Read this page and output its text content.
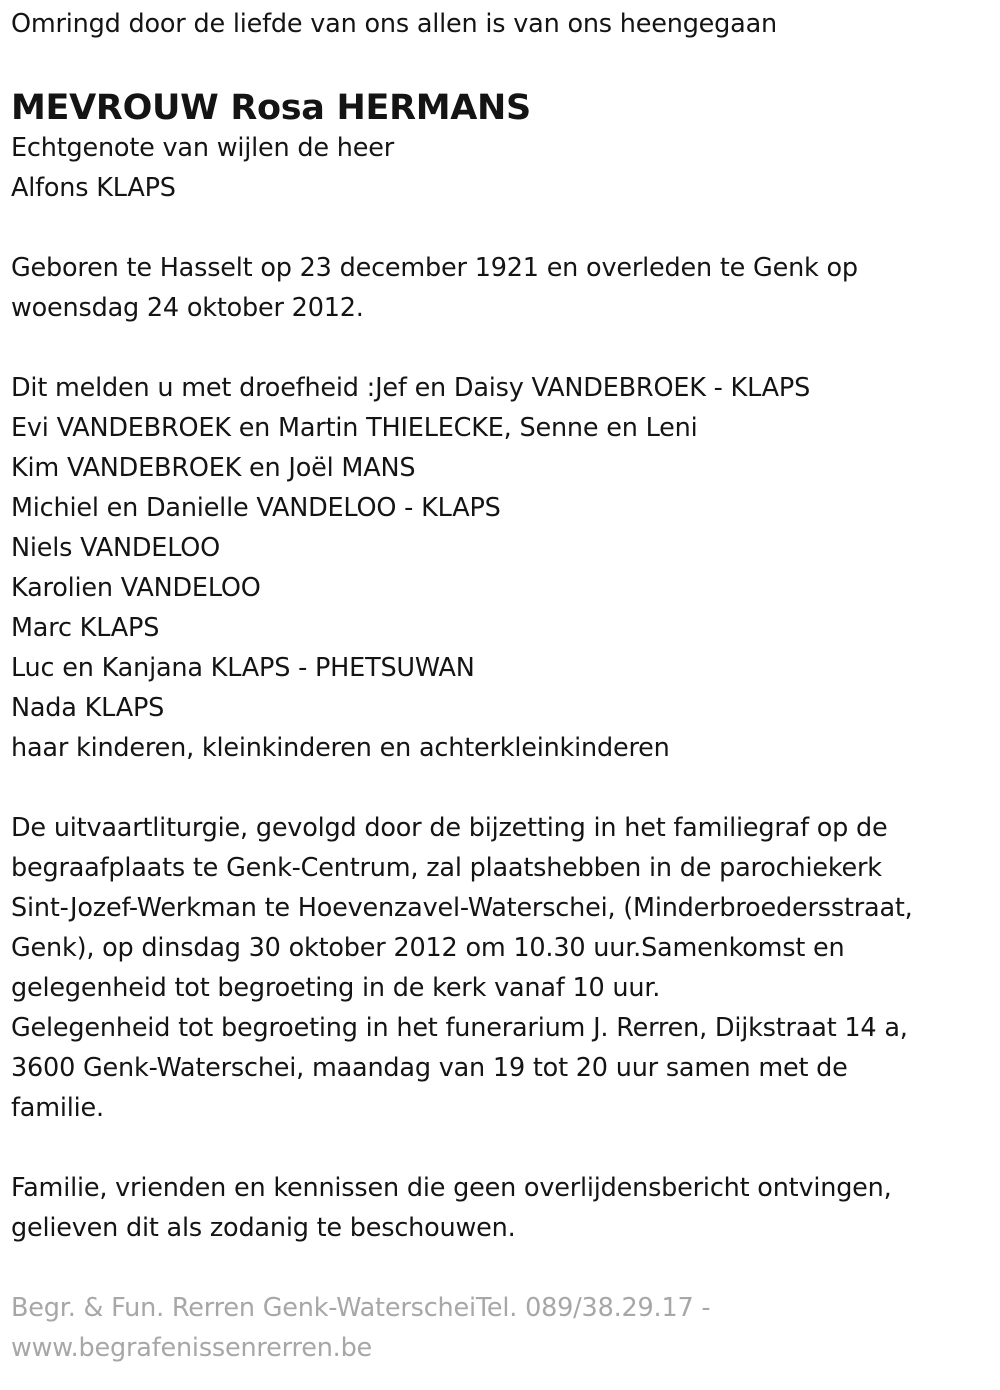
Omringd door de liefde van ons allen is van ons heengegaan
MEVROUW Rosa HERMANS
Echtgenote van wijlen de heer
Alfons KLAPS
Geboren te Hasselt op 23 december 1921 en overleden te Genk op
woensdag 24 oktober 2012.
Dit melden u met droefheid :Jef en Daisy VANDEBROEK - KLAPS
Evi VANDEBROEK en Martin THIELECKE, Senne en Leni
Kim VANDEBROEK en Joël MANS
Michiel en Danielle VANDELOO - KLAPS
Niels VANDELOO
Karolien VANDELOO
Marc KLAPS
Luc en Kanjana KLAPS - PHETSUWAN
Nada KLAPS
haar kinderen, kleinkinderen en achterkleinkinderen
De uitvaartliturgie, gevolgd door de bijzetting in het familiegraf op de
begraafplaats te Genk-Centrum, zal plaatshebben in de parochiekerk
Sint-Jozef-Werkman te Hoevenzavel-Waterschei, (Minderbroedersstraat,
Genk), op dinsdag 30 oktober 2012 om 10.30 uur.Samenkomst en
gelegenheid tot begroeting in de kerk vanaf 10 uur.
Gelegenheid tot begroeting in het funerarium J. Rerren, Dijkstraat 14 a,
3600 Genk-Waterschei, maandag van 19 tot 20 uur samen met de
familie.
Familie, vrienden en kennissen die geen overlijdensbericht ontvingen,
gelieven dit als zodanig te beschouwen.
Begr. & Fun. Rerren Genk-WaterscheiTel. 089/38.29.17 -
www.begrafenissenrerren.be
